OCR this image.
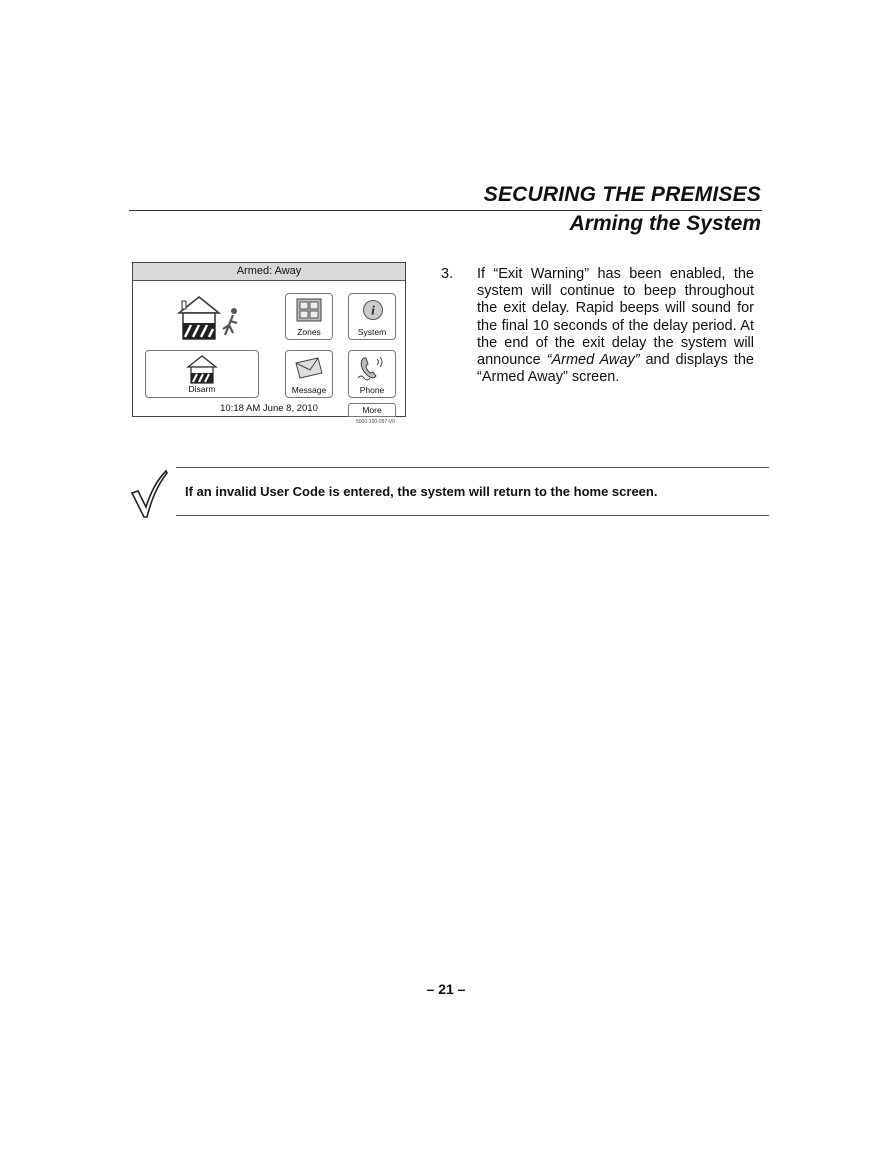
SECURING THE PREMISES
Arming the System
Armed: Away
Zones
i
System
Disarm	Message	Phone
More
10:18 AM June 8, 2010
5000-100-057-V0
3. If “Exit Warning” has been enabled, the system will continue to beep throughout the exit delay. Rapid beeps will sound for the final 10 seconds of the delay period. At the end of the exit delay the system will announce “Armed Away” and displays the “Armed Away” screen.
If an invalid User Code is entered, the system will return to the home screen.
– 21 –
